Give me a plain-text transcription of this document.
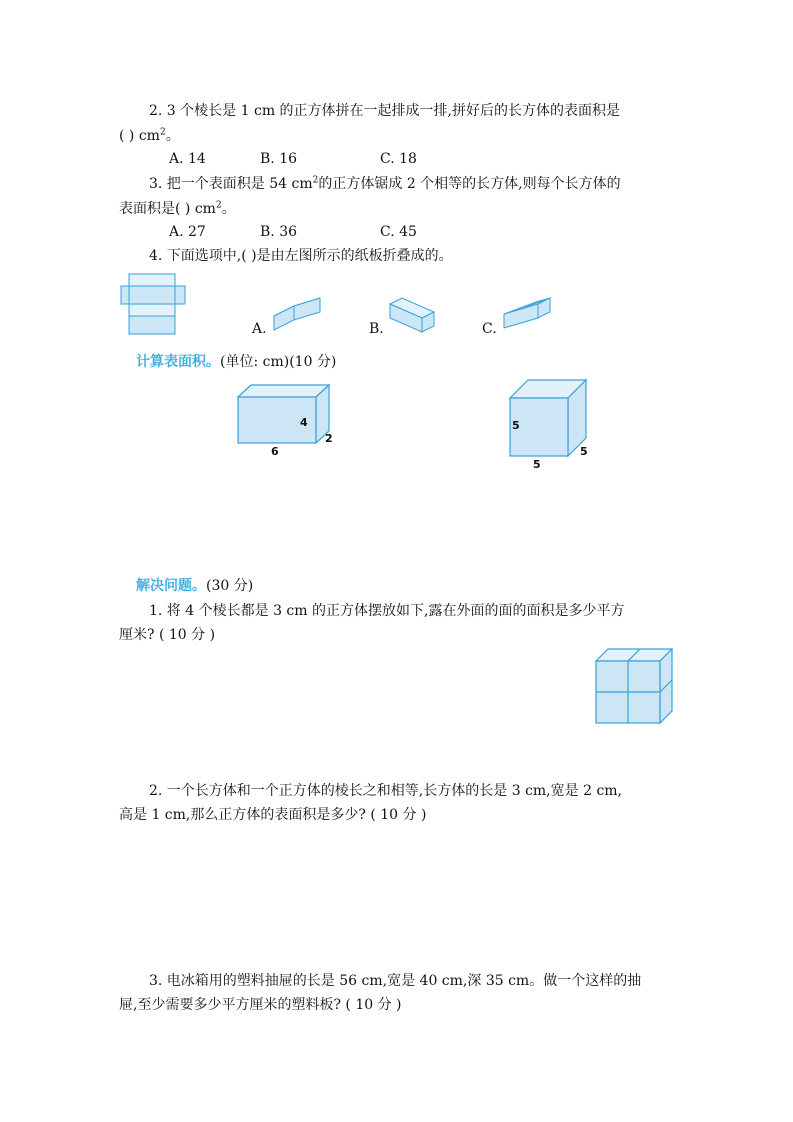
2. 3 个棱长是 1 cm 的正方体拼在一起排成一排,拼好后的长方体的表面积是
( ) $cm^2$。
A. 14	B. 16	C. 18
3. 把一个表面积是 54 $cm^2$的正方体锯成 2 个相等的长方体,则每个长方体的
表面积是( ) $cm^2$。
A. 27	B. 36	C. 45
4. 下面选项中,( )是由左图所示的纸板折叠成的。
A.	B.	C.
计算表面积。(单位: cm)(10 分)
4
2
6
5
5
5
解决问题。(30 分)
1. 将 4 个棱长都是 3 cm 的正方体摆放如下,露在外面的面的面积是多少平方
厘米? ( 10 分 )
2. 一个长方体和一个正方体的棱长之和相等,长方体的长是 3 cm,宽是 2 cm,
高是 1 cm,那么正方体的表面积是多少? ( 10 分 )
3. 电冰箱用的塑料抽屉的长是 56 cm,宽是 40 cm,深 35 cm。做一个这样的抽
屉,至少需要多少平方厘米的塑料板? ( 10 分 )
